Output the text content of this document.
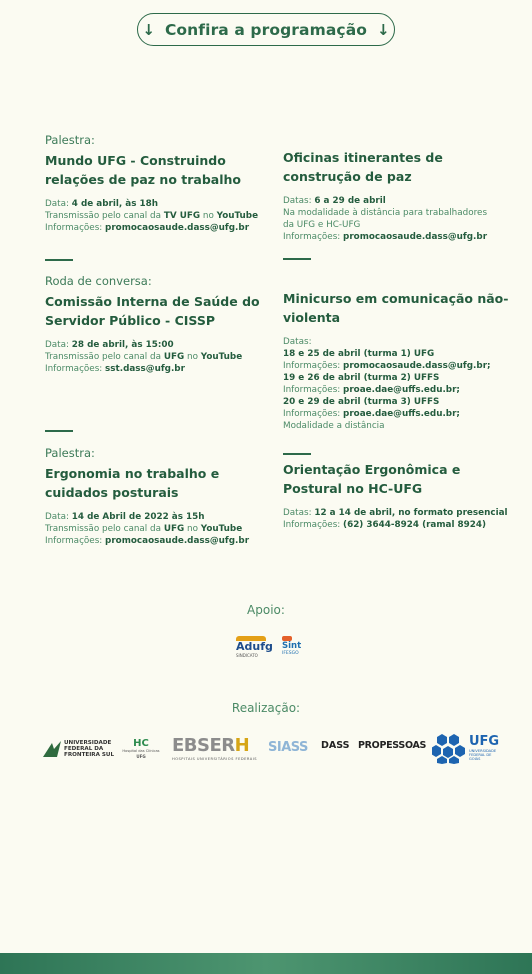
↓ Confira a programação ↓
Palestra:
Mundo UFG - Construindo relações de paz no trabalho
Data: 4 de abril, às 18h
Transmissão pelo canal da TV UFG no YouTube
Informações: promocaosaude.dass@ufg.br
Roda de conversa:
Comissão Interna de Saúde do Servidor Público - CISSP
Data: 28 de abril, às 15:00
Transmissão pelo canal da UFG no YouTube
Informações: sst.dass@ufg.br
Palestra:
Ergonomia no trabalho e cuidados posturais
Data: 14 de Abril de 2022 às 15h
Transmissão pelo canal da UFG no YouTube
Informações: promocaosaude.dass@ufg.br
Oficinas itinerantes de construção de paz
Datas: 6 a 29 de abril
Na modalidade à distância para trabalhadores
da UFG e HC-UFG
Informações: promocaosaude.dass@ufg.br
Minicurso em comunicação não-violenta
Datas:
18 e 25 de abril (turma 1) UFG
Informações: promocaosaude.dass@ufg.br;
19 e 26 de abril (turma 2) UFFS
Informações: proae.dae@uffs.edu.br;
20 e 29 de abril (turma 3) UFFS
Informações: proae.dae@uffs.edu.br;
Modalidade a distância
Orientação Ergonômica e Postural no HC-UFG
Datas: 12 a 14 de abril, no formato presencial
Informações: (62) 3644-8924 (ramal 8924)
Apoio:
Adufg
SINDICATO
Sint
IFESGO
Realização:
UNIVERSIDADE
FEDERAL DA
FRONTEIRA SUL
HC
Hospital das Clínicas
UFG EBSERH
HOSPITAIS UNIVERSITÁRIOS FEDERAIS
SIASS DASS PROPESSOAS	UFG
UNIVERSIDADE FEDERAL DE GOIÁS
